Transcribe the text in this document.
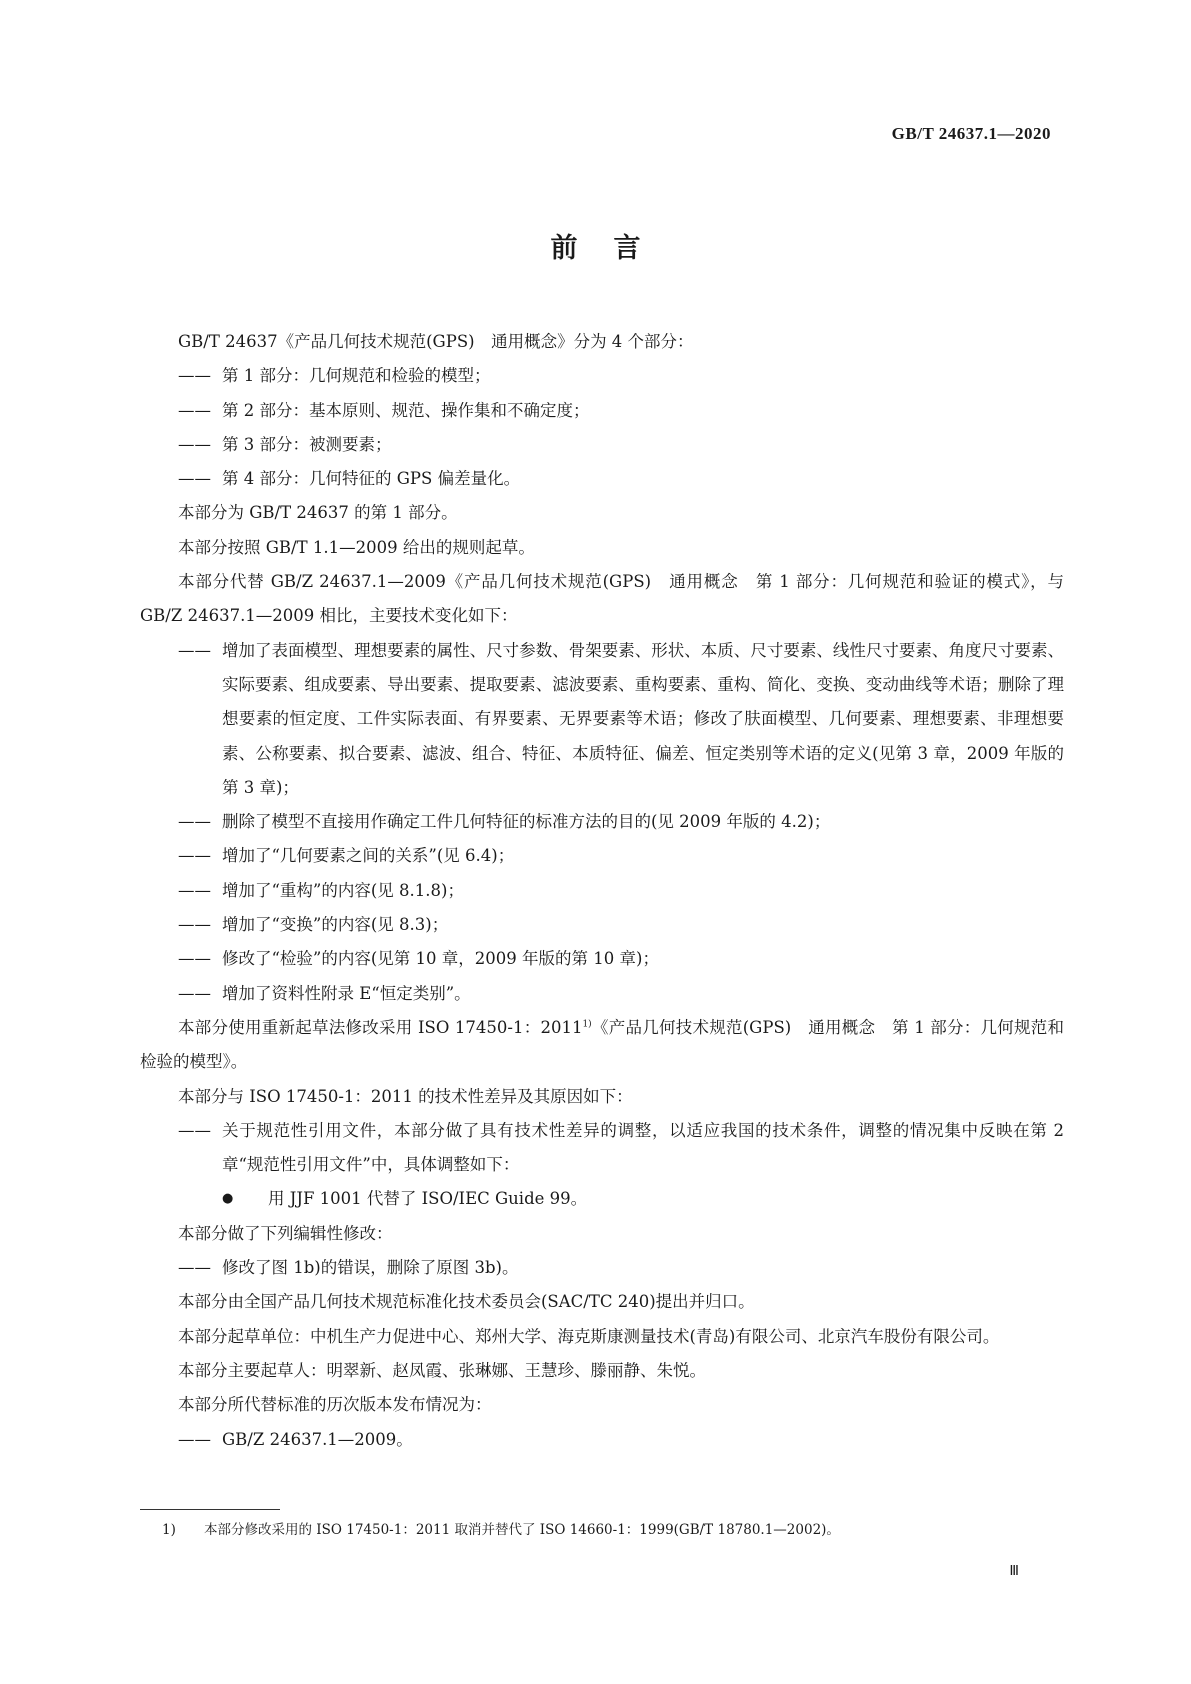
GB/T 24637.1—2020
前言

GB/T 24637《产品几何技术规范(GPS)　通用概念》分为 4 个部分：

—— 第 1 部分：几何规范和检验的模型；
—— 第 2 部分：基本原则、规范、操作集和不确定度；
—— 第 3 部分：被测要素；
—— 第 4 部分：几何特征的 GPS 偏差量化。

本部分为 GB/T 24637 的第 1 部分。

本部分按照 GB/T 1.1—2009 给出的规则起草。

本部分代替 GB/Z 24637.1—2009《产品几何技术规范(GPS)　通用概念　第 1 部分：几何规范和验证的模式》，与 GB/Z 24637.1—2009 相比，主要技术变化如下：

—— 增加了表面模型、理想要素的属性、尺寸参数、骨架要素、形状、本质、尺寸要素、线性尺寸要素、角度尺寸要素、实际要素、组成要素、导出要素、提取要素、滤波要素、重构要素、重构、简化、变换、变动曲线等术语；删除了理想要素的恒定度、工件实际表面、有界要素、无界要素等术语；修改了肤面模型、几何要素、理想要素、非理想要素、公称要素、拟合要素、滤波、组合、特征、本质特征、偏差、恒定类别等术语的定义(见第 3 章，2009 年版的第 3 章)；
—— 删除了模型不直接用作确定工件几何特征的标准方法的目的(见 2009 年版的 4.2)；
—— 增加了“几何要素之间的关系”(见 6.4)；
—— 增加了“重构”的内容(见 8.1.8)；
—— 增加了“变换”的内容(见 8.3)；
—— 修改了“检验”的内容(见第 10 章，2009 年版的第 10 章)；
—— 增加了资料性附录 E“恒定类别”。

本部分使用重新起草法修改采用 ISO 17450-1：2011$^{1)}$《产品几何技术规范(GPS)　通用概念　第 1 部分：几何规范和检验的模型》。

本部分与 ISO 17450-1：2011 的技术性差异及其原因如下：

—— 关于规范性引用文件，本部分做了具有技术性差异的调整，以适应我国的技术条件，调整的情况集中反映在第 2 章“规范性引用文件”中，具体调整如下：
●	用 JJF 1001 代替了 ISO/IEC Guide 99。

本部分做了下列编辑性修改：

—— 修改了图 1b)的错误，删除了原图 3b)。

本部分由全国产品几何技术规范标准化技术委员会(SAC/TC 240)提出并归口。

本部分起草单位：中机生产力促进中心、郑州大学、海克斯康测量技术(青岛)有限公司、北京汽车股份有限公司。

本部分主要起草人：明翠新、赵凤霞、张琳娜、王慧珍、滕丽静、朱悦。

本部分所代替标准的历次版本发布情况为：

—— GB/Z 24637.1—2009。
1) 本部分修改采用的 ISO 17450-1：2011 取消并替代了 ISO 14660-1：1999(GB/T 18780.1—2002)。
Ⅲ
